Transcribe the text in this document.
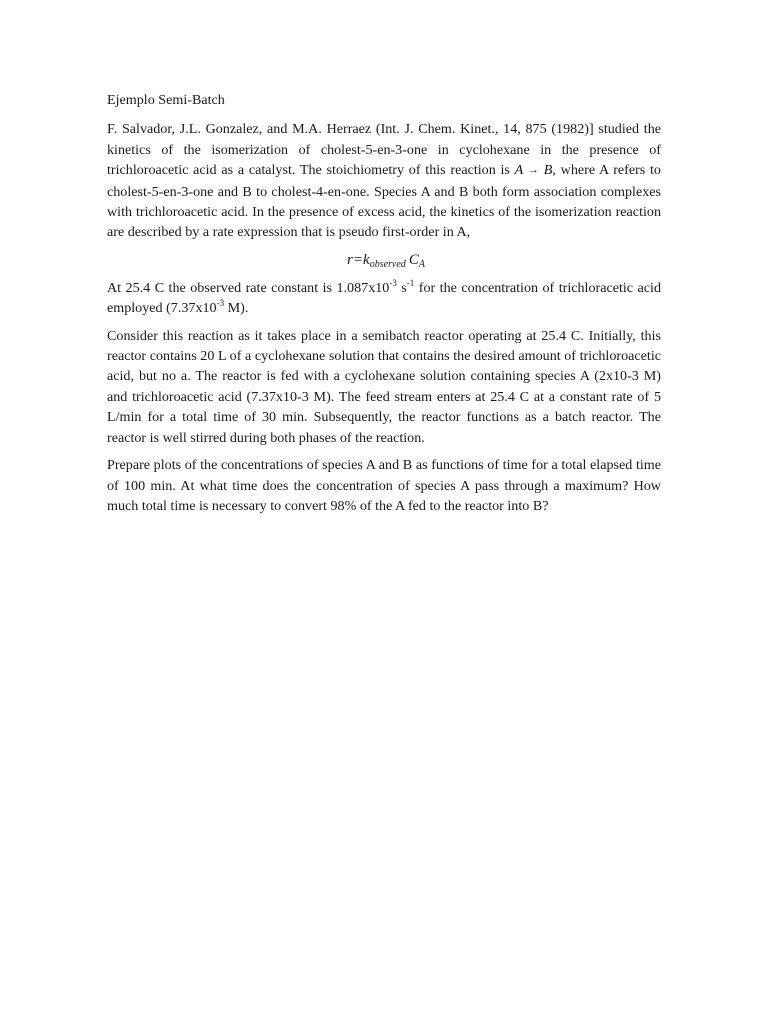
Ejemplo Semi-Batch

F. Salvador, J.L. Gonzalez, and M.A. Herraez (Int. J. Chem. Kinet., 14, 875 (1982)] studied the kinetics of the isomerization of cholest-5-en-3-one in cyclohexane in the presence of trichloroacetic acid as a catalyst. The stoichiometry of this reaction is A → B, where A refers to cholest-5-en-3-one and B to cholest-4-en-one. Species A and B both form association complexes with trichloroacetic acid. In the presence of excess acid, the kinetics of the isomerization reaction are described by a rate expression that is pseudo first-order in A,

$r=k_{observed}$  $C_A$

At 25.4 C the observed rate constant is $1.087x10^{-3}$ $s^{-1}$ for the concentration of trichloracetic acid employed ($7.37x10^{-3}$ M).

Consider this reaction as it takes place in a semibatch reactor operating at 25.4 C. Initially, this reactor contains 20 L of a cyclohexane solution that contains the desired amount of trichloroacetic acid, but no a. The reactor is fed with a cyclohexane solution containing species A (2x10-3 M) and trichloroacetic acid (7.37x10-3 M). The feed stream enters at 25.4 C at a constant rate of 5 L/min for a total time of 30 min. Subsequently, the reactor functions as a batch reactor. The reactor is well stirred during both phases of the reaction.

Prepare plots of the concentrations of species A and B as functions of time for a total elapsed time of 100 min. At what time does the concentration of species A pass through a maximum? How much total time is necessary to convert 98% of the A fed to the reactor into B?
